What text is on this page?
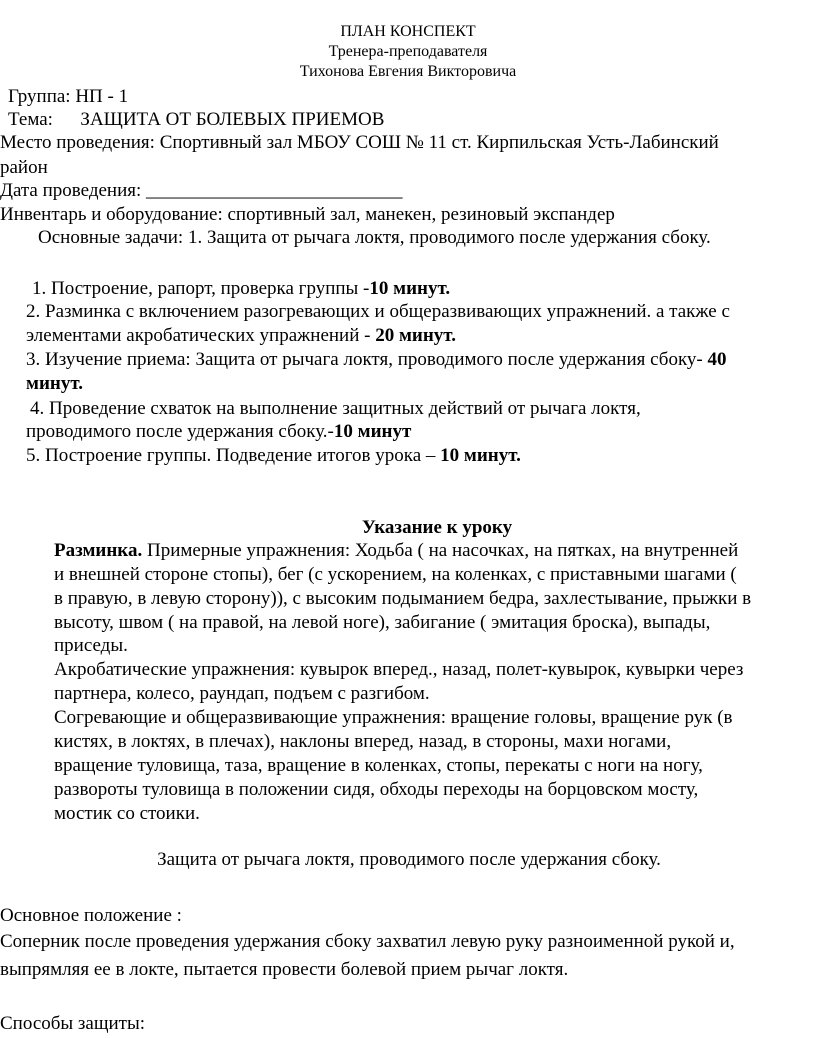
ПЛАН КОНСПЕКТ
Тренера-преподавателя
Тихонова Евгения Викторовича
Группа: НП - 1
Тема: ЗАЩИТА ОТ БОЛЕВЫХ ПРИЕМОВ
Место проведения: Спортивный зал МБОУ СОШ № 11 ст. Кирпильская Усть-Лабинский
район
Дата проведения: ___________________________
Инвентарь и оборудование: спортивный зал, манекен, резиновый экспандер
Основные задачи: 1. Защита от рычага локтя, проводимого после удержания сбоку.
1. Построение, рапорт, проверка группы -10 минут.
2. Разминка с включением разогревающих и общеразвивающих упражнений. а также с
элементами акробатических упражнений - 20 минут.
3. Изучение приема: Защита от рычага локтя, проводимого после удержания сбоку- 40
минут.
4. Проведение схваток на выполнение защитных действий от рычага локтя,
проводимого после удержания сбоку.-10 минут
5. Построение группы. Подведение итогов урока – 10 минут.
Указание к уроку
Разминка. Примерные упражнения: Ходьба ( на насочках, на пятках, на внутренней
и внешней стороне стопы), бег (с ускорением, на коленках, с приставными шагами (
в правую, в левую сторону)), с высоким подыманием бедра, захлестывание, прыжки в
высоту, швом ( на правой, на левой ноге), забигание ( эмитация броска), выпады,
приседы.
Акробатические упражнения: кувырок вперед., назад, полет-кувырок, кувырки через
партнера, колесо, раундап, подъем с разгибом.
Согревающие и общеразвивающие упражнения: вращение головы, вращение рук (в
кистях, в локтях, в плечах), наклоны вперед, назад, в стороны, махи ногами,
вращение туловища, таза, вращение в коленках, стопы, перекаты с ноги на ногу,
развороты туловища в положении сидя, обходы переходы на борцовском мосту,
мостик со стоики.
Защита от рычага локтя, проводимого после удержания сбоку.
Основное положение :
Соперник после проведения удержания сбоку захватил левую руку разноименной рукой и,
выпрямляя ее в локте, пытается провести болевой прием рычаг локтя.
Способы защиты:
